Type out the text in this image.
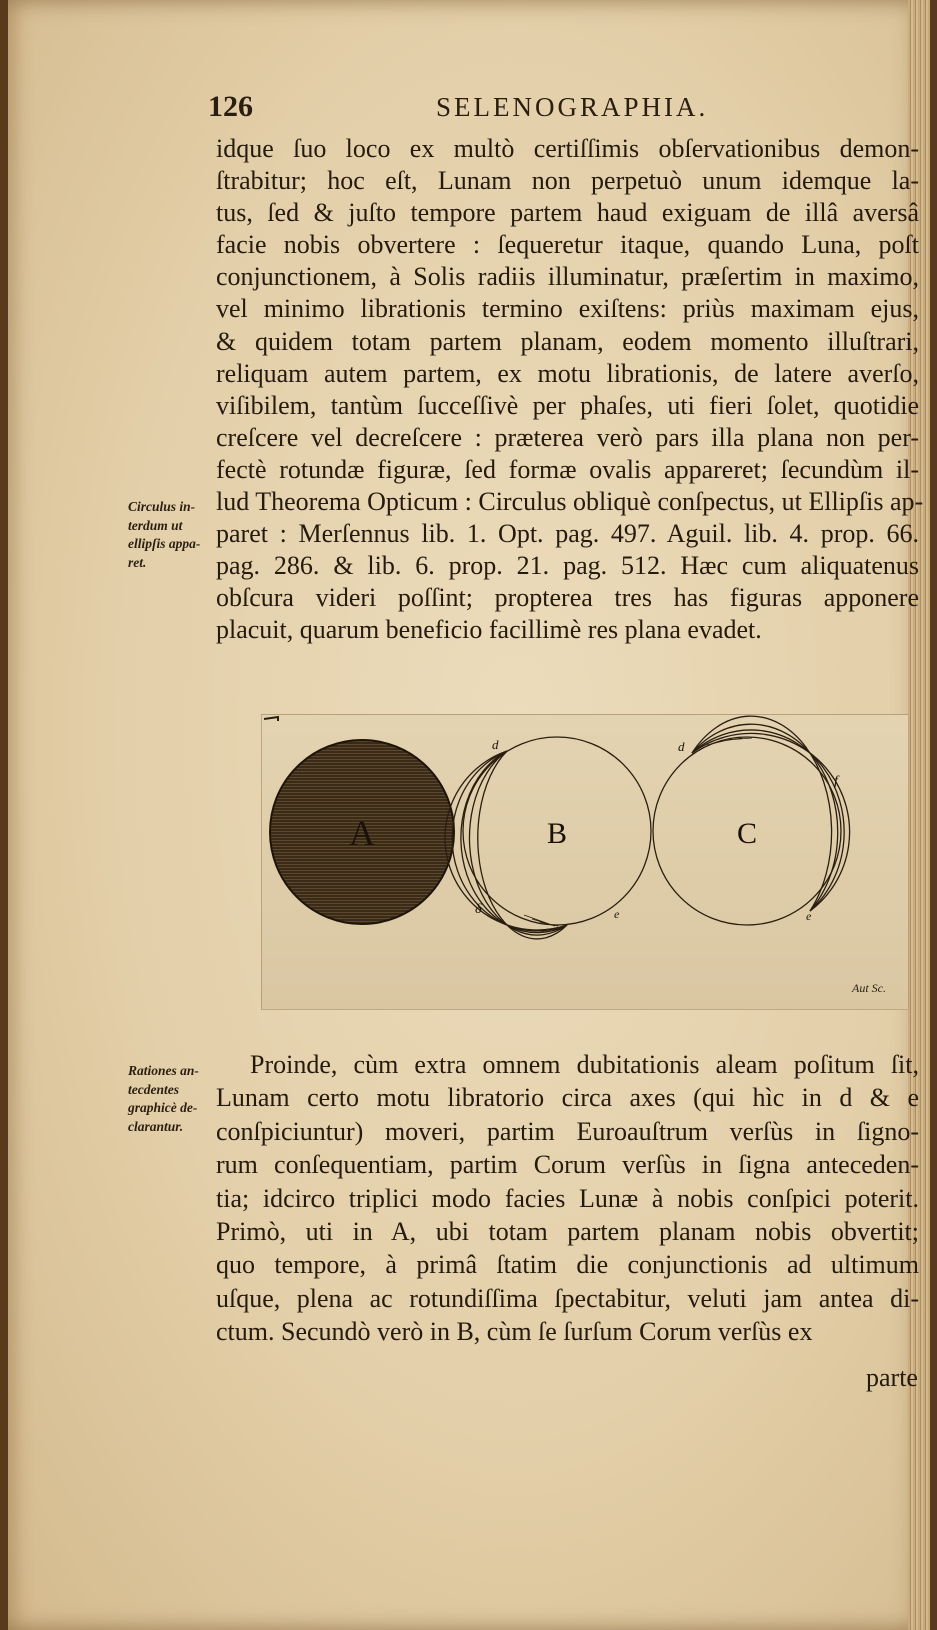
126	SELENOGRAPHIA.
idque ſuo loco ex multò certiſſimis obſervationibus demon-
ſtrabitur; hoc eſt, Lunam non perpetuò unum idemque la-
tus, ſed & juſto tempore partem haud exiguam de illâ aversâ
facie nobis obvertere : ſequeretur itaque, quando Luna, poſt
conjunctionem, à Solis radiis illuminatur, præſertim in maximo,
vel minimo librationis termino exiſtens: priùs maximam ejus,
& quidem totam partem planam, eodem momento illuſtrari,
reliquam autem partem, ex motu librationis, de latere averſo,
viſibilem, tantùm ſucceſſivè per phaſes, uti fieri ſolet, quotidie
creſcere vel decreſcere : præterea verò pars illa plana non per-
fectè rotundæ figuræ, ſed formæ ovalis appareret; ſecundùm il-
lud Theorema Opticum : Circulus obliquè conſpectus, ut Ellipſis ap-
paret : Merſennus lib. 1. Opt. pag. 497. Aguil. lib. 4. prop. 66.
pag. 286. & lib. 6. prop. 21. pag. 512. Hæc cum aliquatenus
obſcura videri poſſint; propterea tres has figuras apponere
placuit, quarum beneficio facillimè res plana evadet.
Circulus in-
terdum ut
ellipſis appa-
ret.
A	B
d
δ	e
C
d
f
e
Aut Sc.
Rationes an-
tecdentes
graphicè de-
clarantur.
Proinde, cùm extra omnem dubitationis aleam poſitum ſit,
Lunam certo motu libratorio circa axes (qui hìc in d & e
conſpiciuntur) moveri, partim Euroauſtrum verſùs in ſigno-
rum conſequentiam, partim Corum verſùs in ſigna anteceden-
tia; idcirco triplici modo facies Lunæ à nobis conſpici poterit.
Primò, uti in A, ubi totam partem planam nobis obvertit;
quo tempore, à primâ ſtatim die conjunctionis ad ultimum
uſque, plena ac rotundiſſima ſpectabitur, veluti jam antea di-
ctum. Secundò verò in B, cùm ſe ſurſum Corum verſùs ex
parte
